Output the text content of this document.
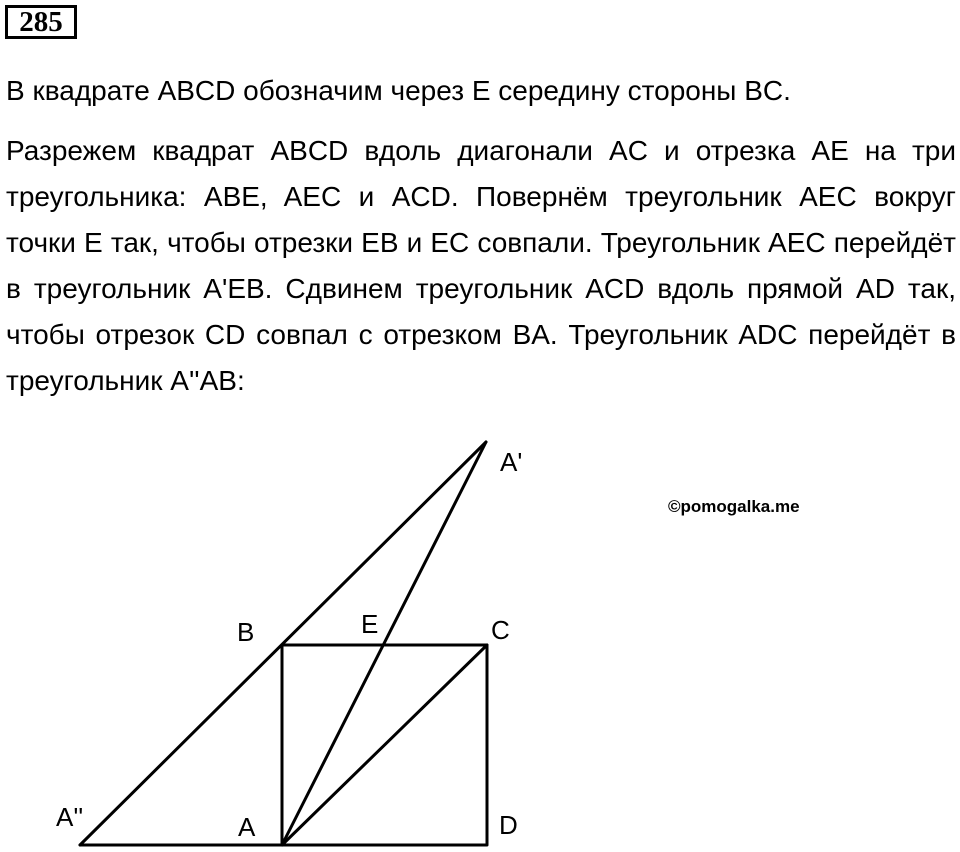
285

В квадрате ABCD обозначим через E середину стороны BC.

Разрежем квадрат ABCD вдоль диагонали AC и отрезка AE на три треугольника: ABE, AEC и ACD. Повернём треугольник AEC вокруг точки E так, чтобы отрезки EB и EC совпали. Треугольник AEC перейдёт в треугольник A'EB. Сдвинем треугольник ACD вдоль прямой AD так, чтобы отрезок CD совпал с отрезком BA. Треугольник ADC перейдёт в треугольник A''AB:

©pomogalka.me
A'
B	E	C
A''	A	D
